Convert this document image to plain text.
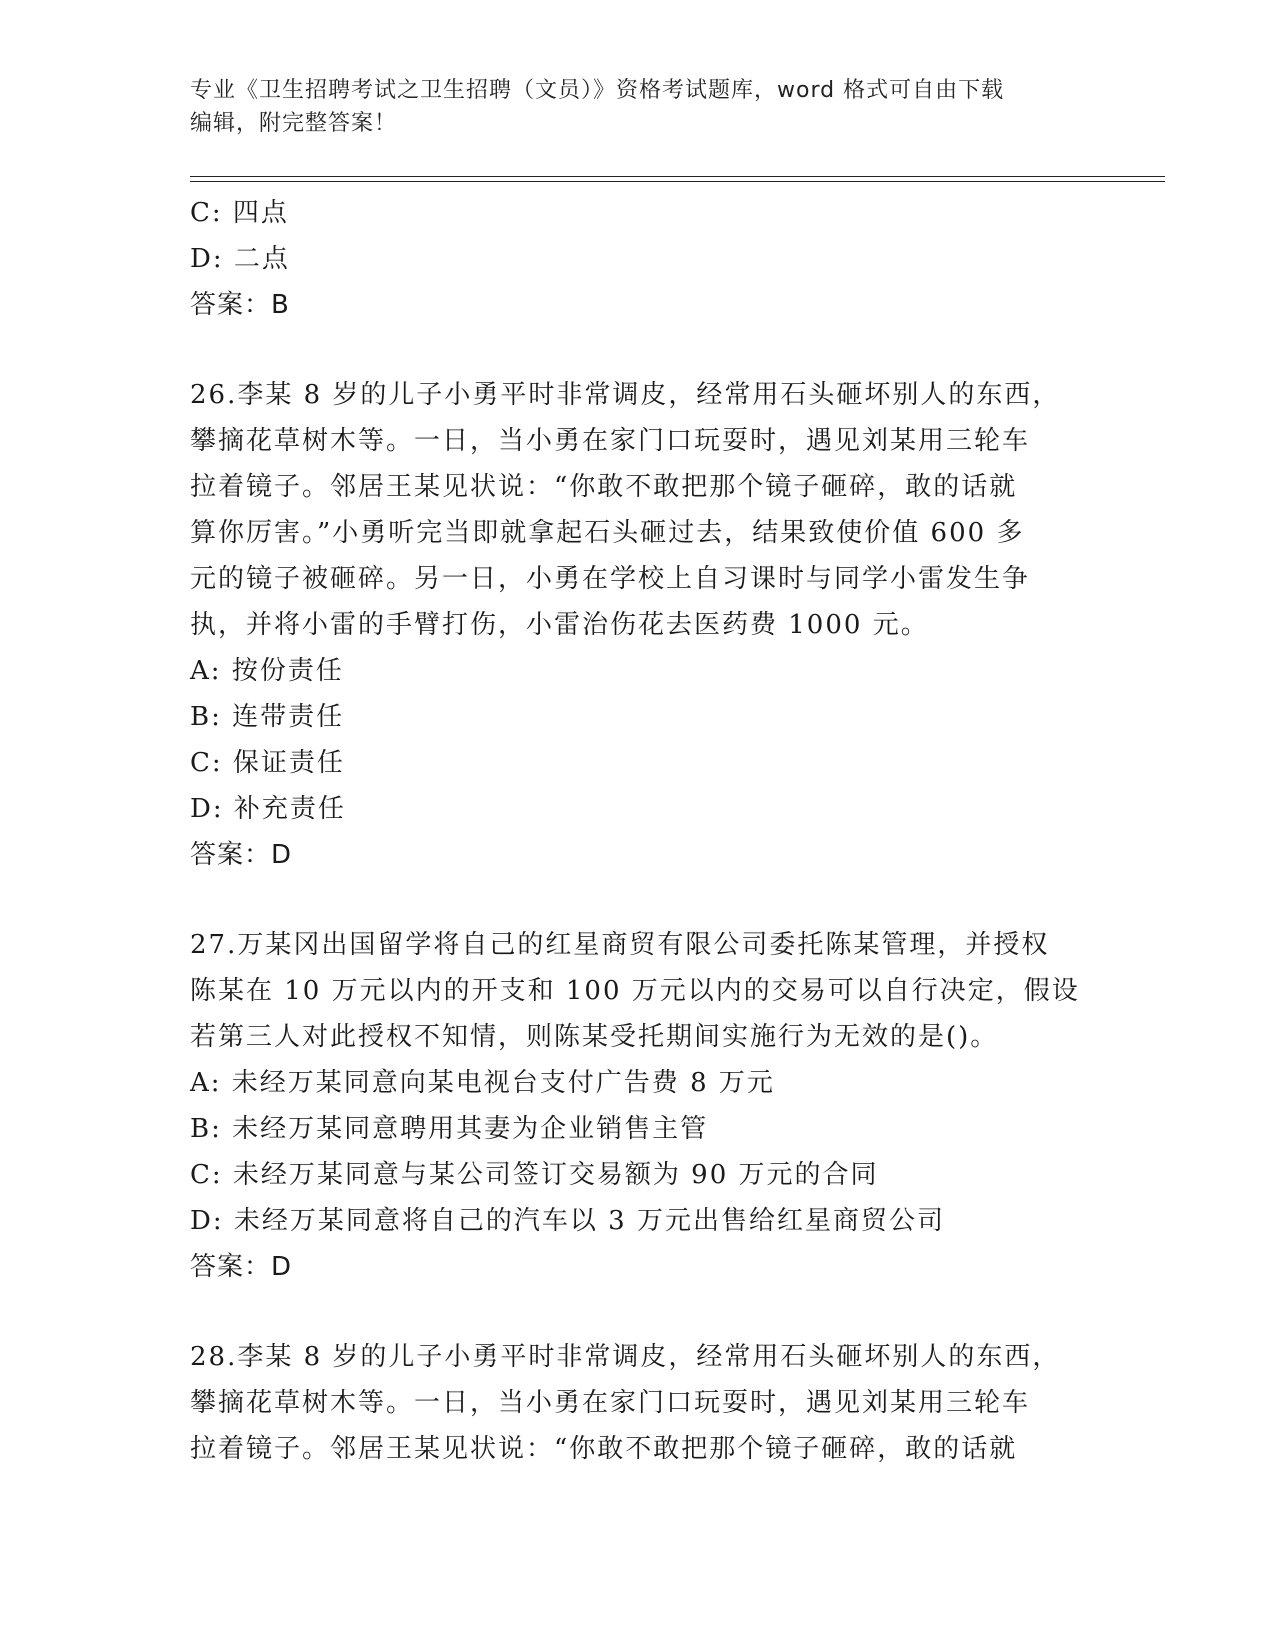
专业《卫生招聘考试之卫生招聘（文员）》资格考试题库，word 格式可自由下载
编辑，附完整答案！
C: 四点
D: 二点
答案：B
26.李某 8 岁的儿子小勇平时非常调皮，经常用石头砸坏别人的东西，
攀摘花草树木等。一日，当小勇在家门口玩耍时，遇见刘某用三轮车
拉着镜子。邻居王某见状说：“你敢不敢把那个镜子砸碎，敢的话就
算你厉害。”小勇听完当即就拿起石头砸过去，结果致使价值 600 多
元的镜子被砸碎。另一日，小勇在学校上自习课时与同学小雷发生争
执，并将小雷的手臂打伤，小雷治伤花去医药费 1000 元。
A: 按份责任
B: 连带责任
C: 保证责任
D: 补充责任
答案：D
27.万某冈出国留学将自己的红星商贸有限公司委托陈某管理，并授权
陈某在 10 万元以内的开支和 100 万元以内的交易可以自行决定，假设
若第三人对此授权不知情，则陈某受托期间实施行为无效的是()。
A: 未经万某同意向某电视台支付广告费 8 万元
B: 未经万某同意聘用其妻为企业销售主管
C: 未经万某同意与某公司签订交易额为 90 万元的合同
D: 未经万某同意将自己的汽车以 3 万元出售给红星商贸公司
答案：D
28.李某 8 岁的儿子小勇平时非常调皮，经常用石头砸坏别人的东西，
攀摘花草树木等。一日，当小勇在家门口玩耍时，遇见刘某用三轮车
拉着镜子。邻居王某见状说：“你敢不敢把那个镜子砸碎，敢的话就
